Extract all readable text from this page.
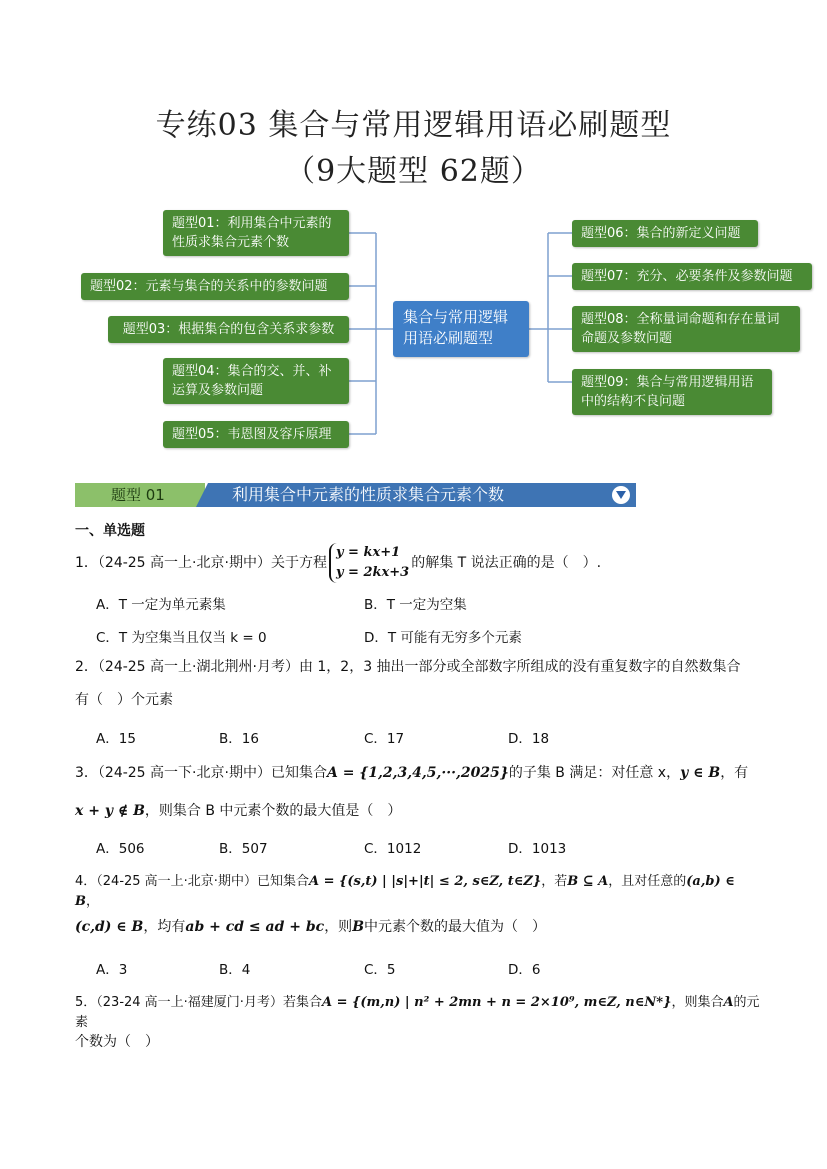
专练03 集合与常用逻辑用语必刷题型
（9大题型 62题）
题型01：利用集合中元素的性质求集合元素个数
题型02：元素与集合的关系中的参数问题
题型03：根据集合的包含关系求参数
题型04：集合的交、并、补运算及参数问题
题型05：韦恩图及容斥原理
集合与常用逻辑用语必刷题型
题型06：集合的新定义问题
题型07：充分、必要条件及参数问题
题型08：全称量词命题和存在量词命题及参数问题
题型09：集合与常用逻辑用语中的结构不良问题
题型 01	利用集合中元素的性质求集合元素个数
一、单选题
1．（24-25 高一上·北京·期中）关于方程y = kx+1
y = 2kx+3的解集 T 说法正确的是（　）.
A．T 一定为单元素集	B．T 一定为空集
C．T 为空集当且仅当 k = 0	D．T 可能有无穷多个元素
2．（24-25 高一上·湖北荆州·月考）由 1，2，3 抽出一部分或全部数字所组成的没有重复数字的自然数集合
有（　）个元素
A．15	B．16	C．17	D．18
3．（24-25 高一下·北京·期中）已知集合A = {1,2,3,4,5,···,2025}的子集 B 满足：对任意 x，y ∈ B，有
x + y ∉ B，则集合 B 中元素个数的最大值是（　）
A．506	B．507	C．1012	D．1013
4．（24-25 高一上·北京·期中）已知集合A = {(s,t) | |s|+|t| ≤ 2, s∈Z, t∈Z}，若B ⊆ A，且对任意的(a,b) ∈ B，
(c,d) ∈ B，均有ab + cd ≤ ad + bc，则B中元素个数的最大值为（　）
A．3	B．4	C．5	D．6
5．（23-24 高一上·福建厦门·月考）若集合A = {(m,n) | n² + 2mn + n = 2×10⁹, m∈Z, n∈N*}，则集合A的元素
个数为（　）
